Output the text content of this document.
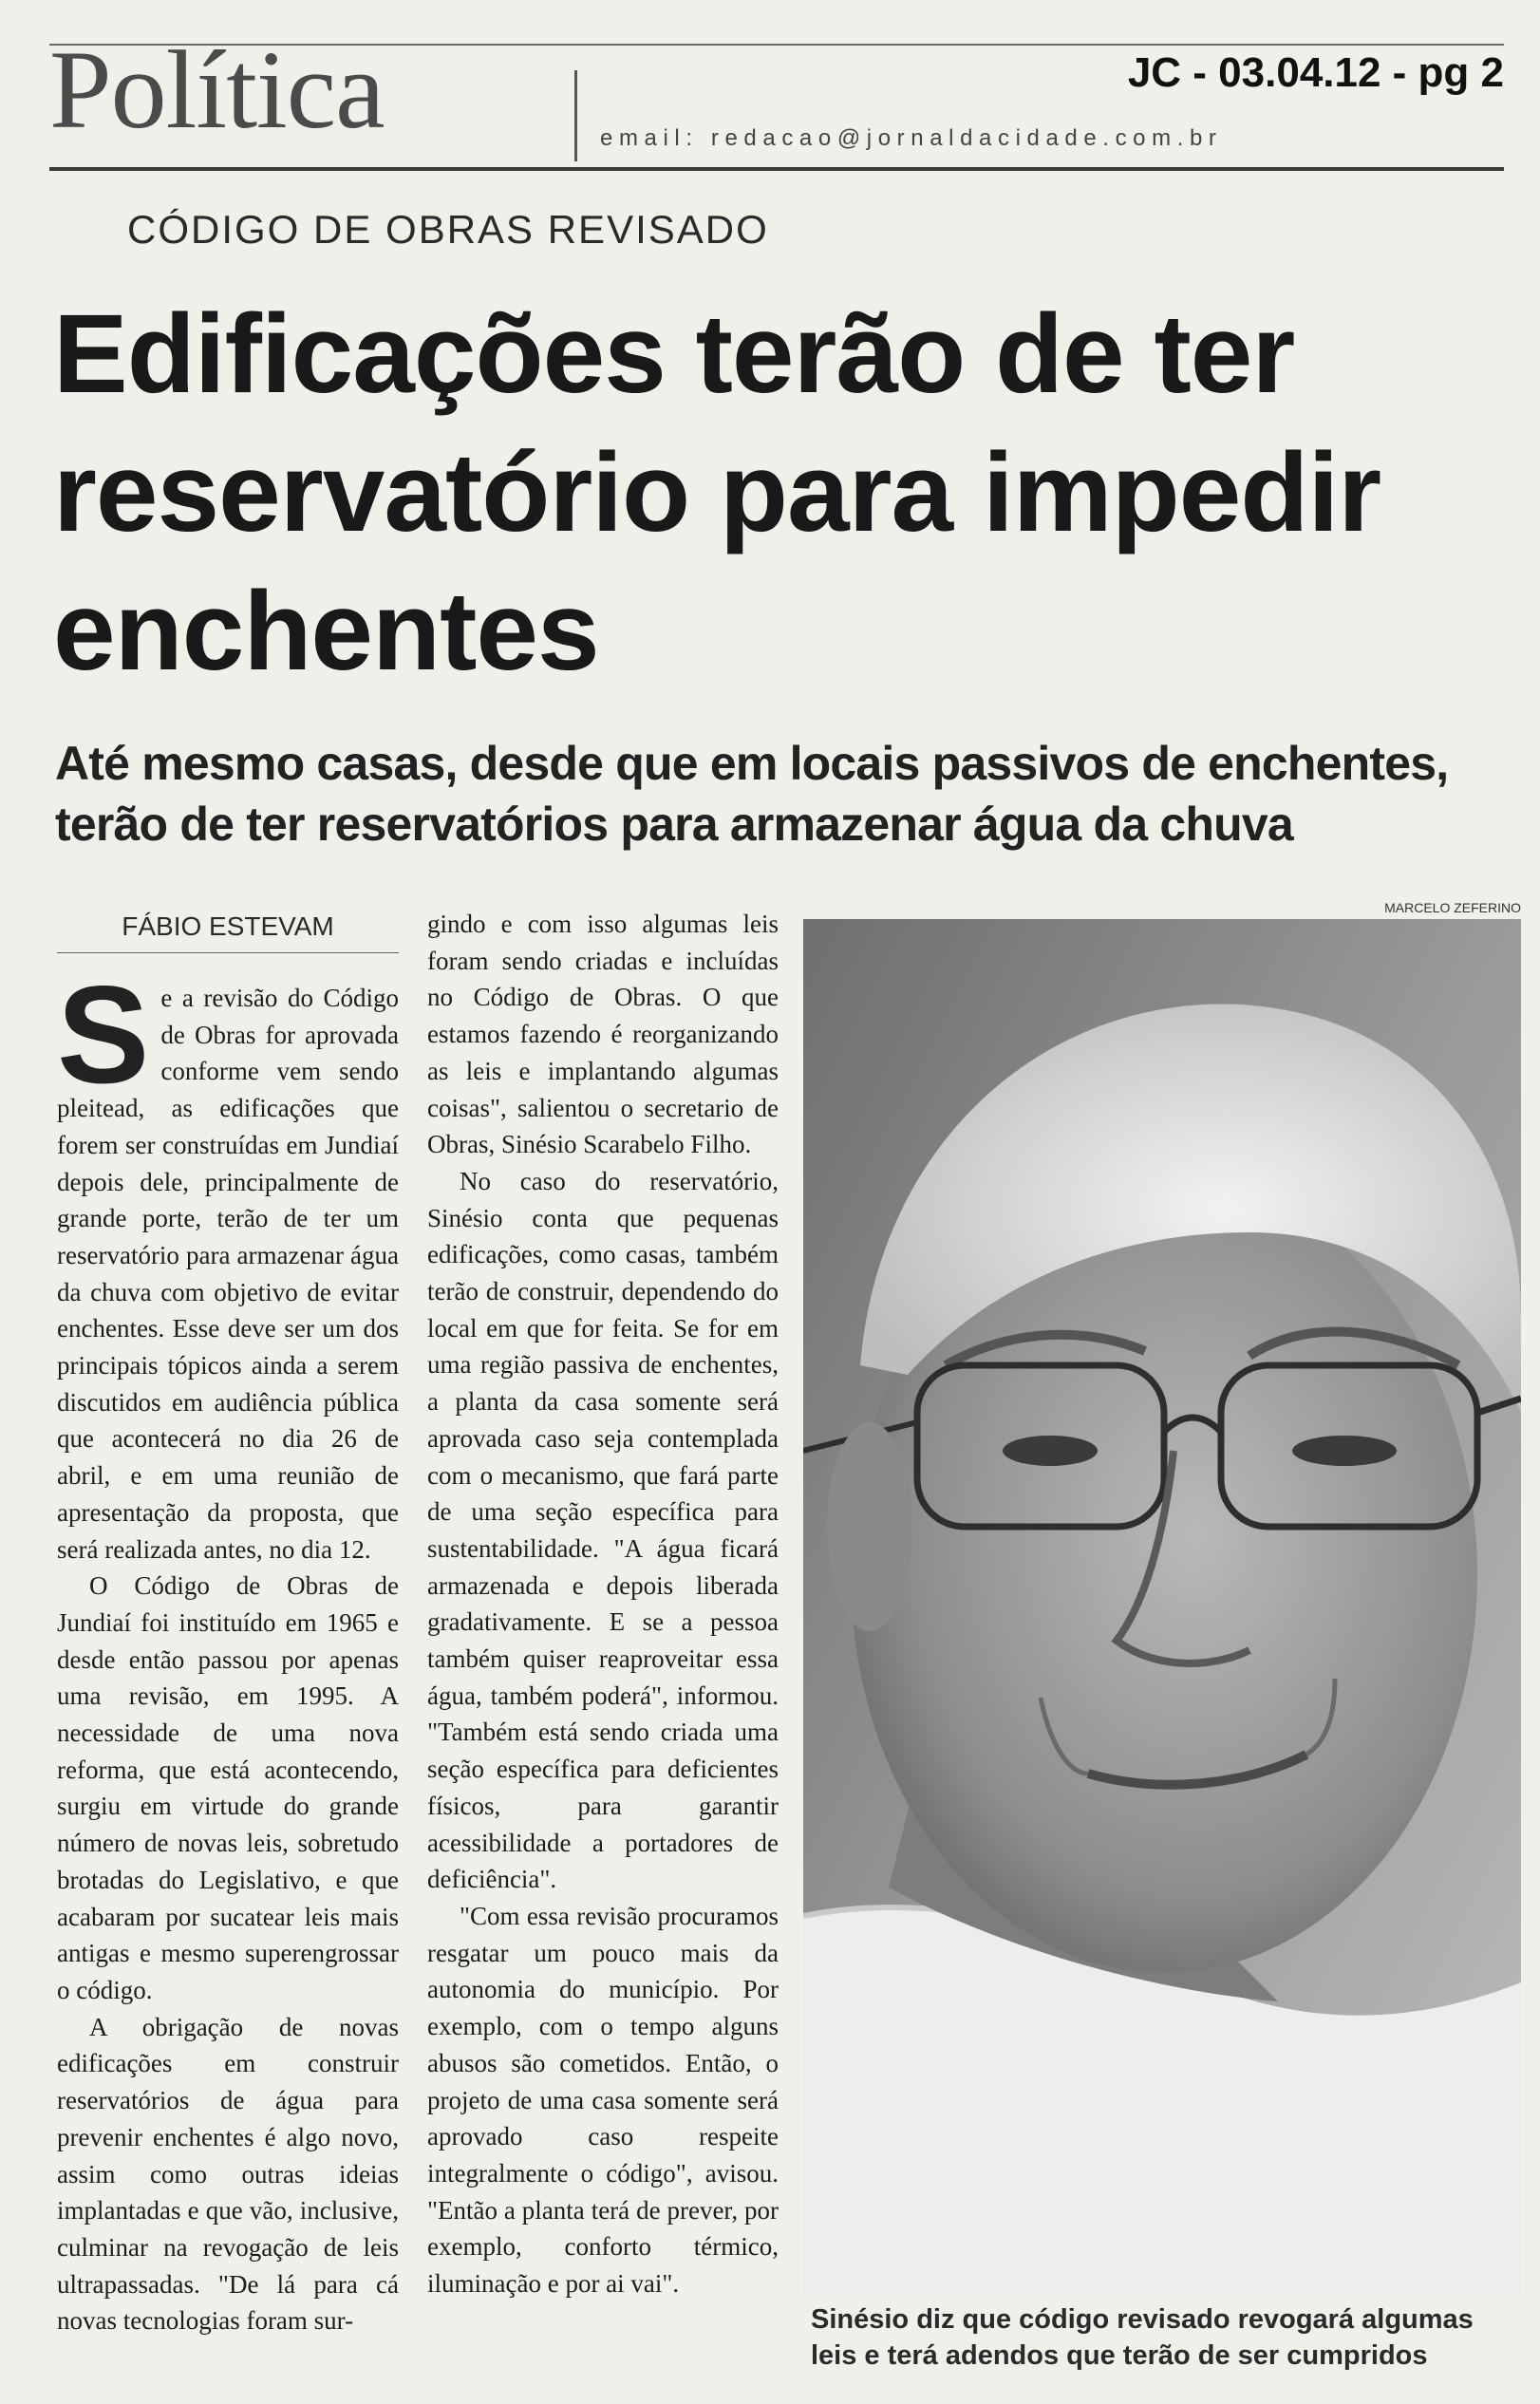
Política	email: redacao@jornaldacidade.com.br
JC - 03.04.12 - pg 2
CÓDIGO DE OBRAS REVISADO
Edificações terão de ter reservatório para impedir enchentes
Até mesmo casas, desde que em locais passivos de enchentes, terão de ter reservatórios para armazenar água da chuva
FÁBIO ESTEVAM

Se a revisão do Código de Obras for aprovada conforme vem sendo pleitead, as edificações que forem ser construídas em Jundiaí depois dele, principalmente de grande porte, terão de ter um reservatório para armazenar água da chuva com objetivo de evitar enchentes. Esse deve ser um dos principais tópicos ainda a serem discutidos em audiência pública que acontecerá no dia 26 de abril, e em uma reunião de apresentação da proposta, que será realizada antes, no dia 12.

O Código de Obras de Jundiaí foi instituído em 1965 e desde então passou por apenas uma revisão, em 1995. A necessidade de uma nova reforma, que está acontecendo, surgiu em virtude do grande número de novas leis, sobretudo brotadas do Legislativo, e que acabaram por sucatear leis mais antigas e mesmo superengrossar o código.

A obrigação de novas edificações em construir reservatórios de água para prevenir enchentes é algo novo, assim como outras ideias implantadas e que vão, inclusive, culminar na revogação de leis ultrapassadas. "De lá para cá novas tecnologias foram sur-

gindo e com isso algumas leis foram sendo criadas e incluídas no Código de Obras. O que estamos fazendo é reorganizando as leis e implantando algumas coisas", salientou o secretario de Obras, Sinésio Scarabelo Filho.

No caso do reservatório, Sinésio conta que pequenas edificações, como casas, também terão de construir, dependendo do local em que for feita. Se for em uma região passiva de enchentes, a planta da casa somente será aprovada caso seja contemplada com o mecanismo, que fará parte de uma seção específica para sustentabilidade. "A água ficará armazenada e depois liberada gradativamente. E se a pessoa também quiser reaproveitar essa água, também poderá", informou. "Também está sendo criada uma seção específica para deficientes físicos, para garantir acessibilidade a portadores de deficiência".

"Com essa revisão procuramos resgatar um pouco mais da autonomia do município. Por exemplo, com o tempo alguns abusos são cometidos. Então, o projeto de uma casa somente será aprovado caso respeite integralmente o código", avisou. "Então a planta terá de prever, por exemplo, conforto térmico, iluminação e por ai vai".

MARCELO ZEFERINO
Sinésio diz que código revisado revogará algumas leis e terá adendos que terão de ser cumpridos
